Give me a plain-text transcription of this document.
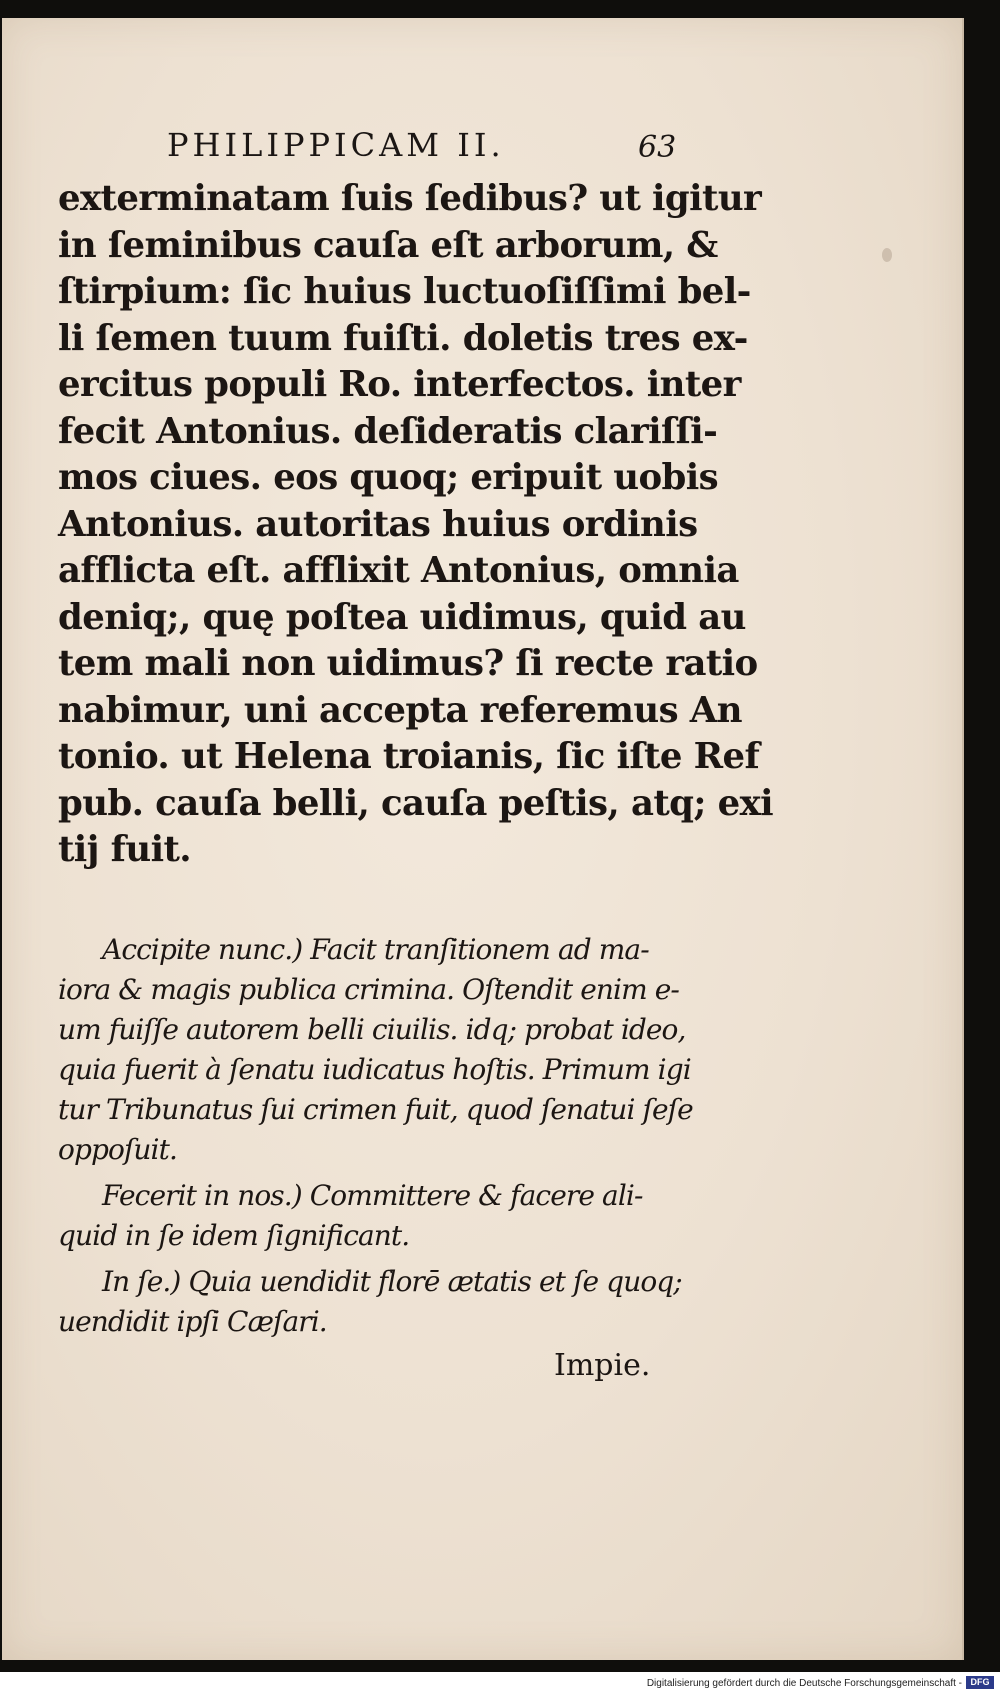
PHILIPPICAM II.	63
exterminatam ſuis ſedibus? ut igitur
in ſeminibus cauſa eſt arborum, &
ſtirpium: ſic huius luctuoſiſſimi bel-
li ſemen tuum fuiſti. doletis tres ex-
ercitus populi Ro. interfectos. inter
fecit Antonius. deſideratis clariſſi-
mos ciues. eos quoq; eripuit uobis
Antonius. autoritas huius ordinis
afflicta eſt. afflixit Antonius, omnia
deniq;, quę poſtea uidimus, quid au
tem mali non uidimus? ſi recte ratio
nabimur, uni accepta referemus An
tonio. ut Helena troianis, ſic iſte Ref
pub. cauſa belli, cauſa peſtis, atq; exi
tij fuit.
Accipite nunc.) Facit tranſitionem ad ma-
iora & magis publica crimina. Oſtendit enim e-
um fuiſſe autorem belli ciuilis. idq; probat ideo,
quia fuerit à ſenatu iudicatus hoſtis. Primum igi
tur Tribunatus ſui crimen fuit, quod ſenatui ſeſe
oppoſuit.
Fecerit in nos.) Committere & facere ali-
quid in ſe idem ſignificant.
In ſe.) Quia uendidit florē ætatis et ſe quoq;
uendidit ipſi Cæſari.
Impie.
Digitalisierung gefördert durch die Deutsche Forschungsgemeinschaft - DFG
